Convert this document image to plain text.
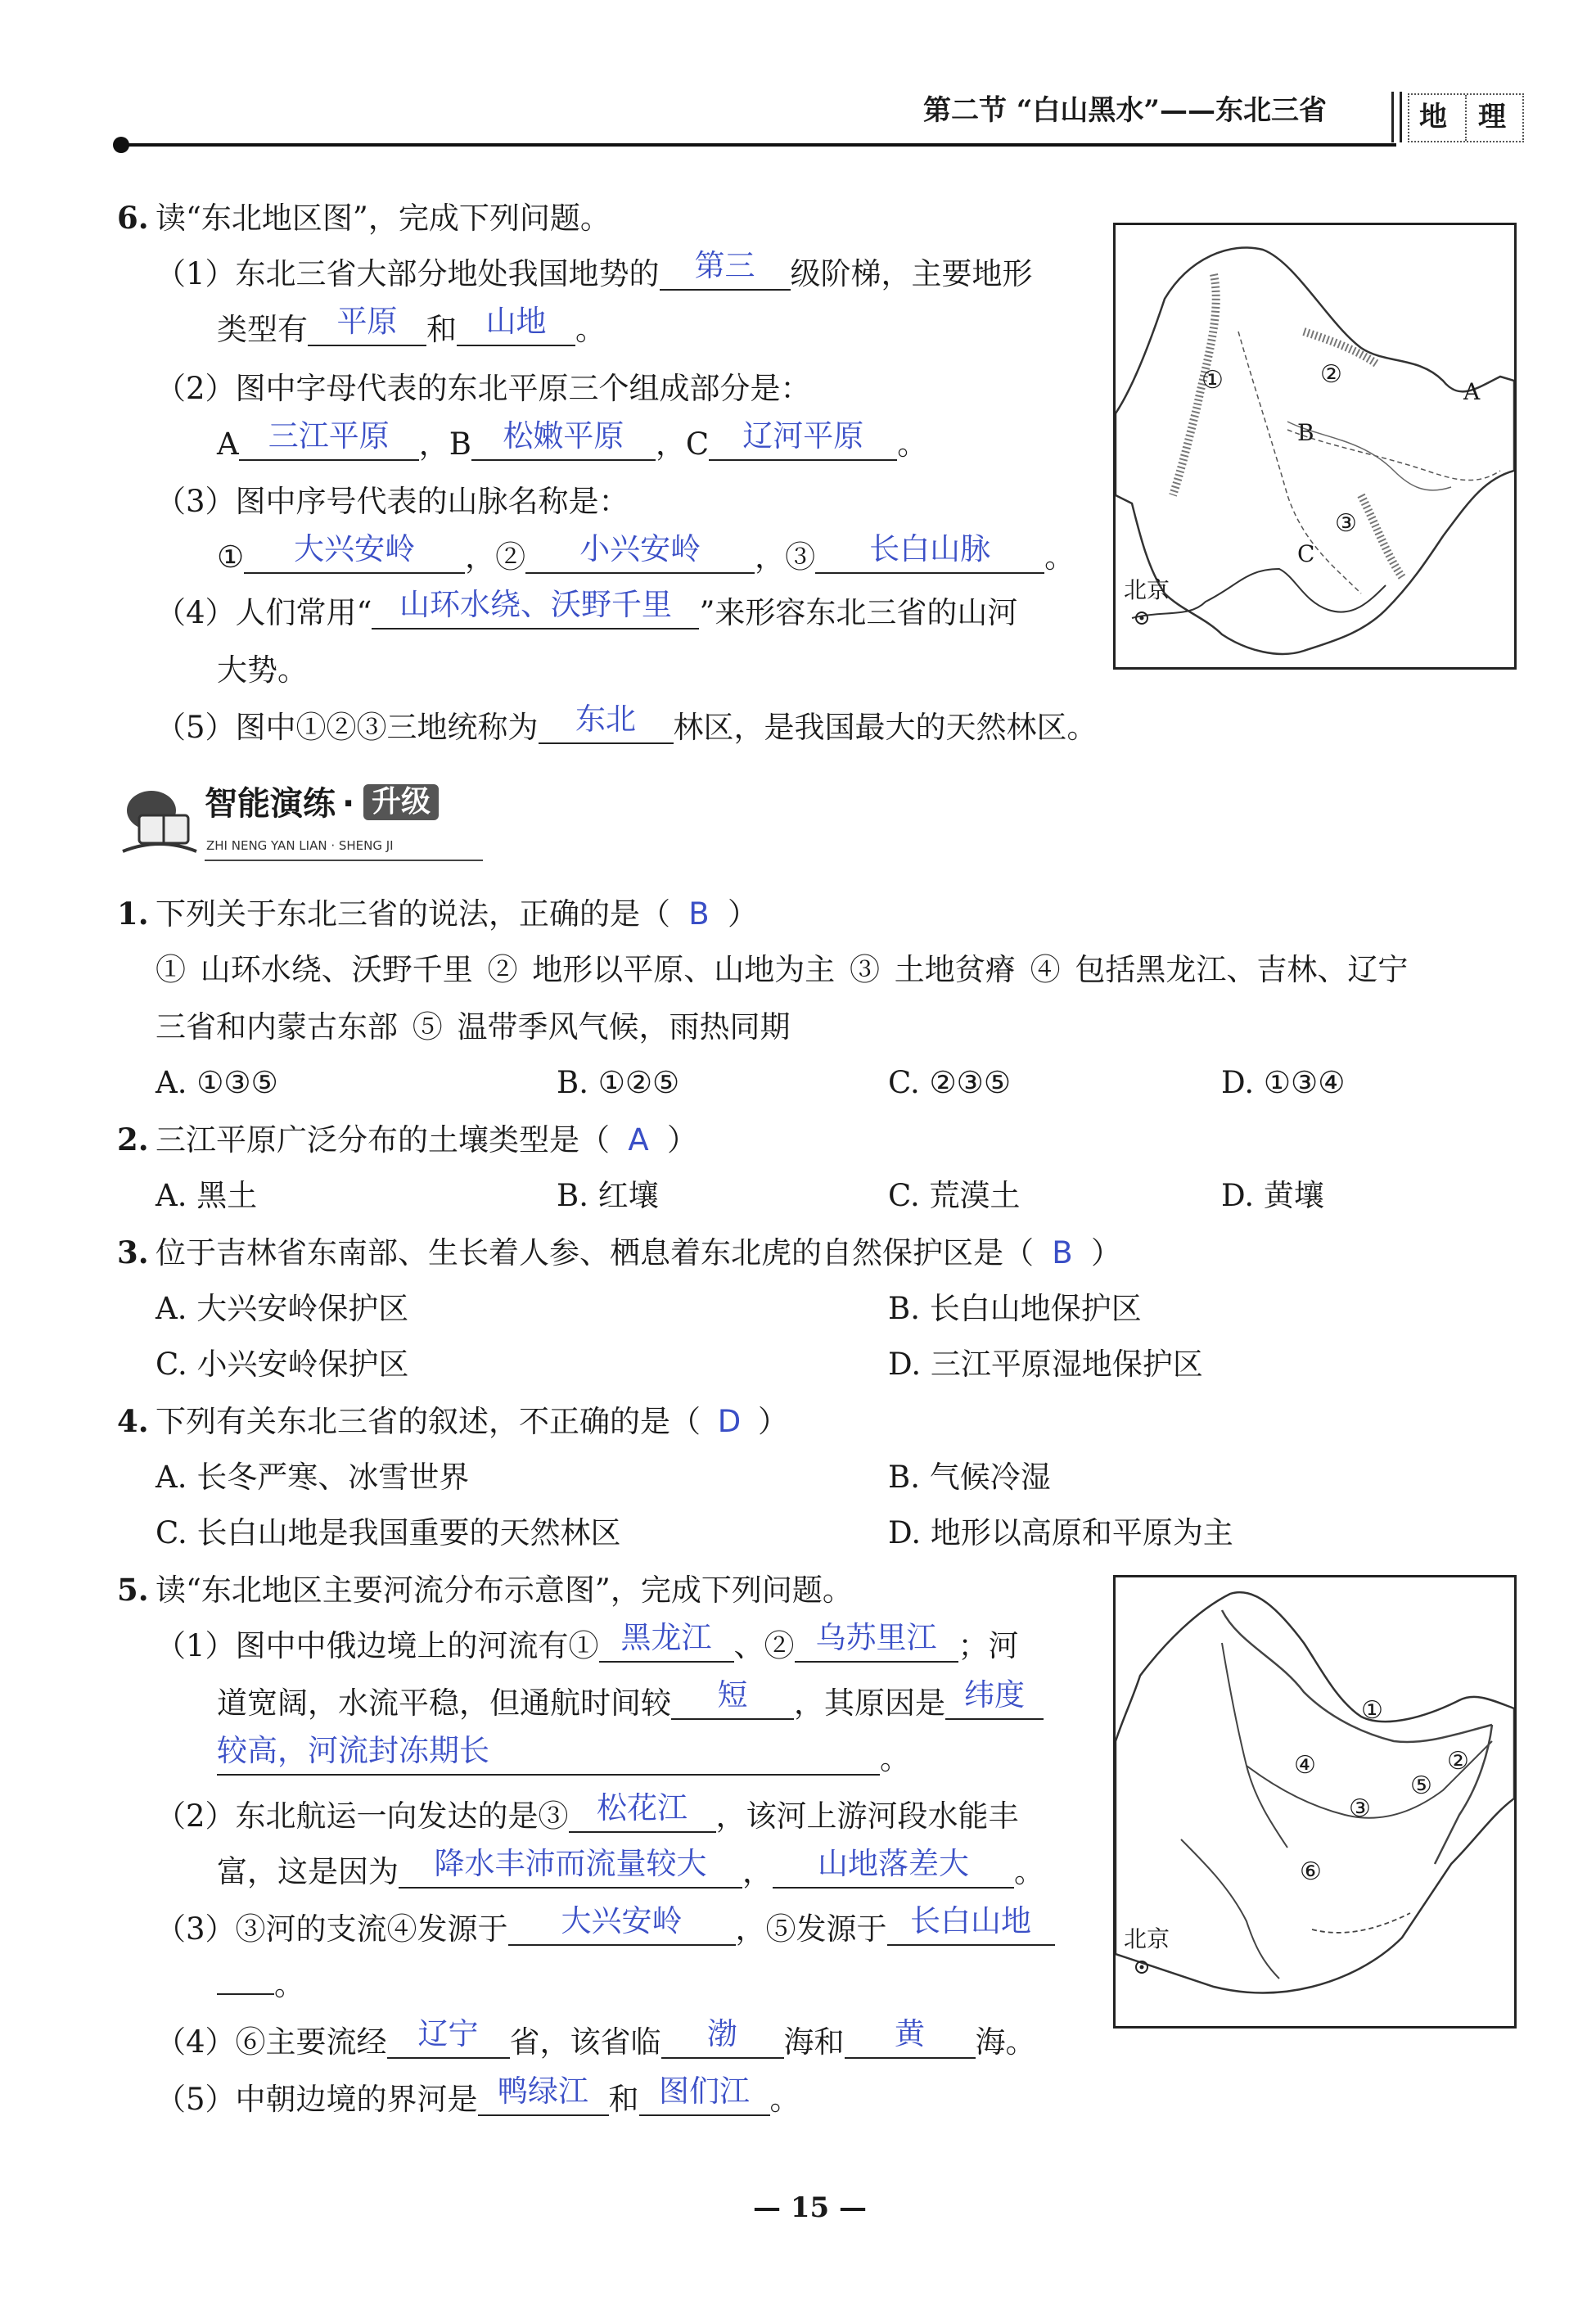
第二节 “白山黑水”——东北三省	地 理
6. 读“东北地区图”，完成下列问题。
（1）东北三省大部分地处我国地势的 第三 级阶梯，主要地形
类型有 平原 和 山地 。
（2）图中字母代表的东北平原三个组成部分是：
A 三江平原 ，B 松嫩平原 ，C 辽河平原 。
（3）图中序号代表的山脉名称是：
① 大兴安岭 ，② 小兴安岭 ，③ 长白山脉 。
（4）人们常用“ 山环水绕、沃野千里 ”来形容东北三省的山河
大势。
（5）图中①②③三地统称为 东北 林区，是我国最大的天然林区。
①	②
③
A
B
C
北京
智能演练 · 升级
ZHI NENG YAN LIAN · SHENG JI
1. 下列关于东北三省的说法，正确的是（ B ）
① 山环水绕、沃野千里 ② 地形以平原、山地为主 ③ 土地贫瘠 ④ 包括黑龙江、吉林、辽宁
三省和内蒙古东部 ⑤ 温带季风气候，雨热同期
A. ①③⑤	B. ①②⑤	C. ②③⑤	D. ①③④
2. 三江平原广泛分布的土壤类型是（ A ）
A. 黑土	B. 红壤	C. 荒漠土	D. 黄壤
3. 位于吉林省东南部、生长着人参、栖息着东北虎的自然保护区是（ B ）
A. 大兴安岭保护区	B. 长白山地保护区
C. 小兴安岭保护区	D. 三江平原湿地保护区
4. 下列有关东北三省的叙述，不正确的是（ D ）
A. 长冬严寒、冰雪世界	B. 气候冷湿
C. 长白山地是我国重要的天然林区	D. 地形以高原和平原为主
5. 读“东北地区主要河流分布示意图”，完成下列问题。
（1）图中中俄边境上的河流有① 黑龙江 、② 乌苏里江 ；河
道宽阔，水流平稳，但通航时间较 短 ，其原因是 纬度
较高，河流封冻期长	。
（2）东北航运一向发达的是③ 松花江 ，该河上游河段水能丰
富，这是因为 降水丰沛而流量较大 ， 山地落差大 。
（3）③河的支流④发源于 大兴安岭 ，⑤发源于 长白山地
。
（4）⑥主要流经 辽宁 省，该省临 渤 海和 黄 海。
（5）中朝边境的界河是 鸭绿江 和 图们江 。
①
②
③
④
⑤
⑥
北京
— 15 —
